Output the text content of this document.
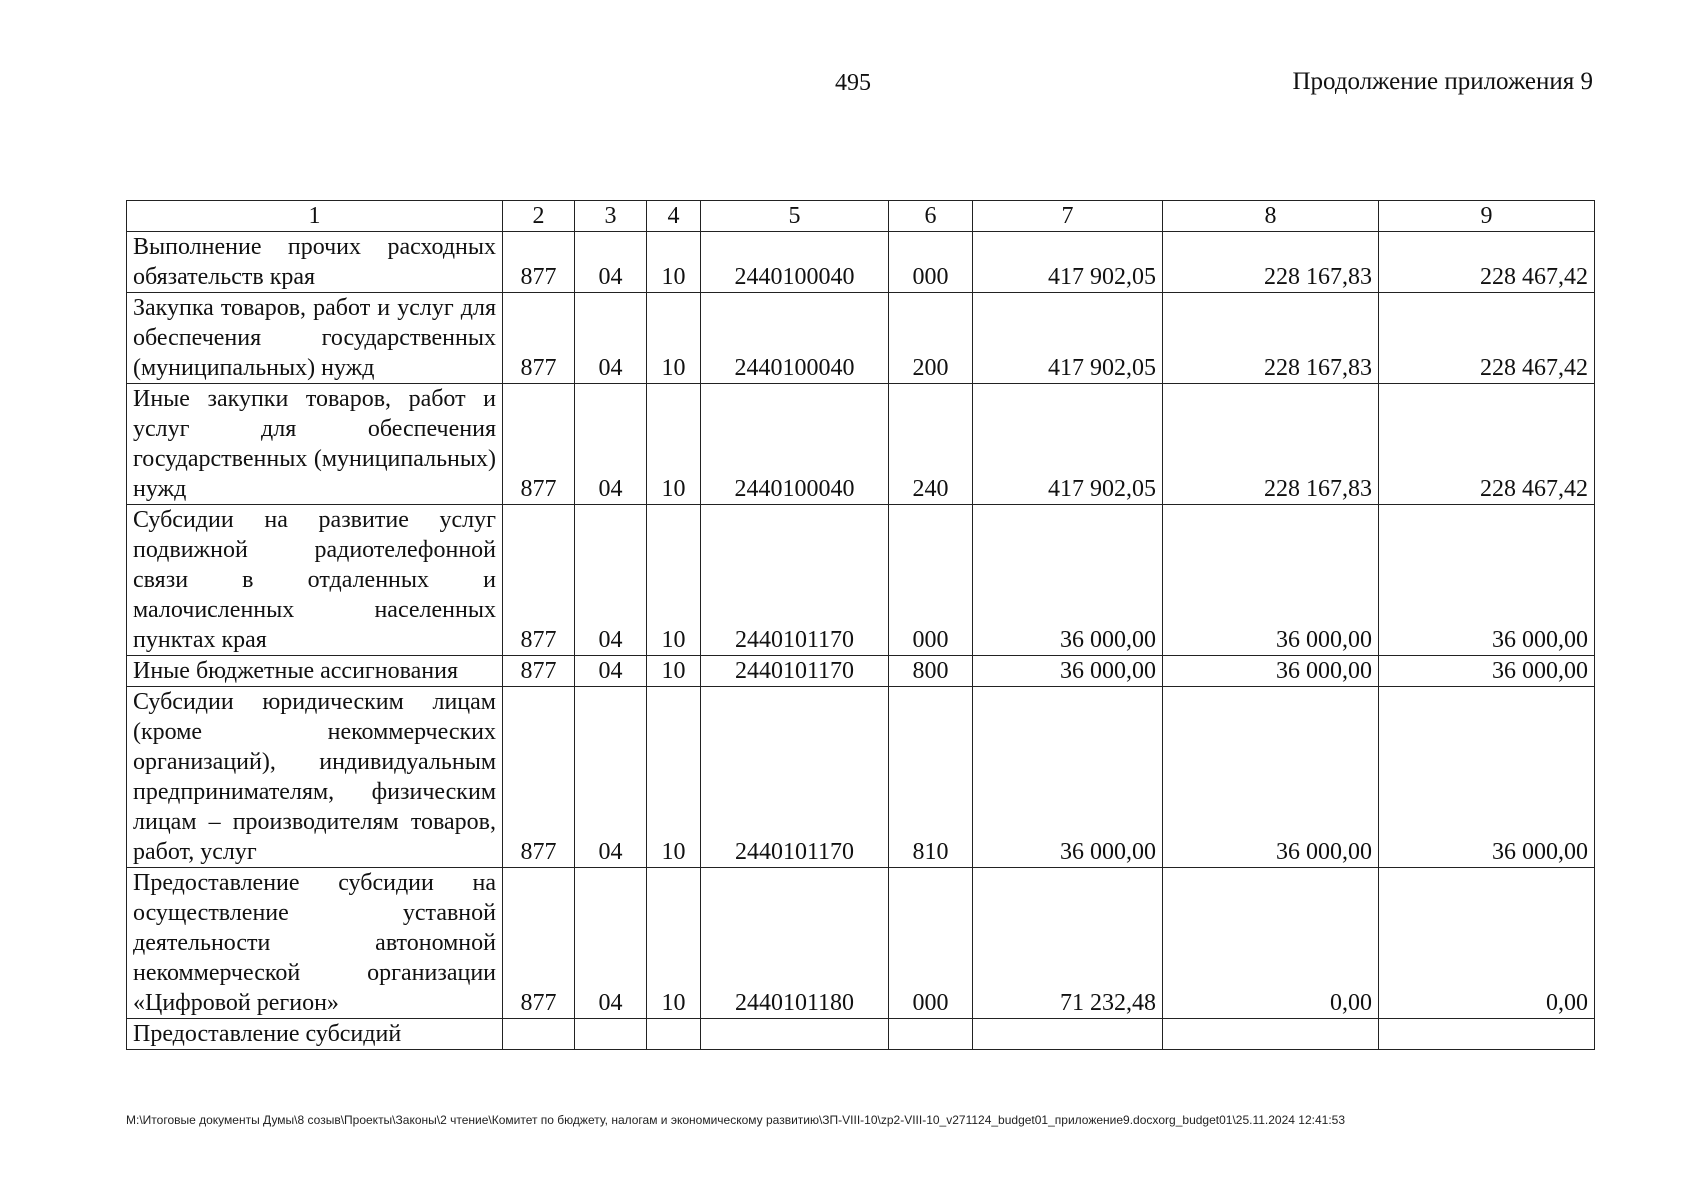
495	Продолжение приложения 9
1	2	3	4	5	6	7	8	9
Выполнение прочих расходных обязательств края	877	04	10	2440100040	000	417 902,05	228 167,83	228 467,42
Закупка товаров, работ и услуг для обеспечения государственных (муниципальных) нужд	877	04	10	2440100040	200	417 902,05	228 167,83	228 467,42
Иные закупки товаров, работ и услуг для обеспечения государственных (муниципальных) нужд	877	04	10	2440100040	240	417 902,05	228 167,83	228 467,42
Субсидии на развитие услуг подвижной радиотелефонной связи в отдаленных и малочисленных населенных пунктах края	877	04	10	2440101170	000	36 000,00	36 000,00	36 000,00
Иные бюджетные ассигнования	877	04	10	2440101170	800	36 000,00	36 000,00	36 000,00
Субсидии юридическим лицам (кроме некоммерческих организаций), индивидуальным предпринимателям, физическим лицам – производителям товаров, работ, услуг	877	04	10	2440101170	810	36 000,00	36 000,00	36 000,00
Предоставление субсидии на осуществление уставной деятельности автономной некоммерческой организации «Цифровой регион»	877	04	10	2440101180	000	71 232,48	0,00	0,00
Предоставление субсидий								
M:\Итоговые документы Думы\8 созыв\Проекты\Законы\2 чтение\Комитет по бюджету, налогам и экономическому развитию\ЗП-VIII-10\zp2-VIII-10_v271124_budget01_приложение9.docxorg_budget01\25.11.2024 12:41:53
